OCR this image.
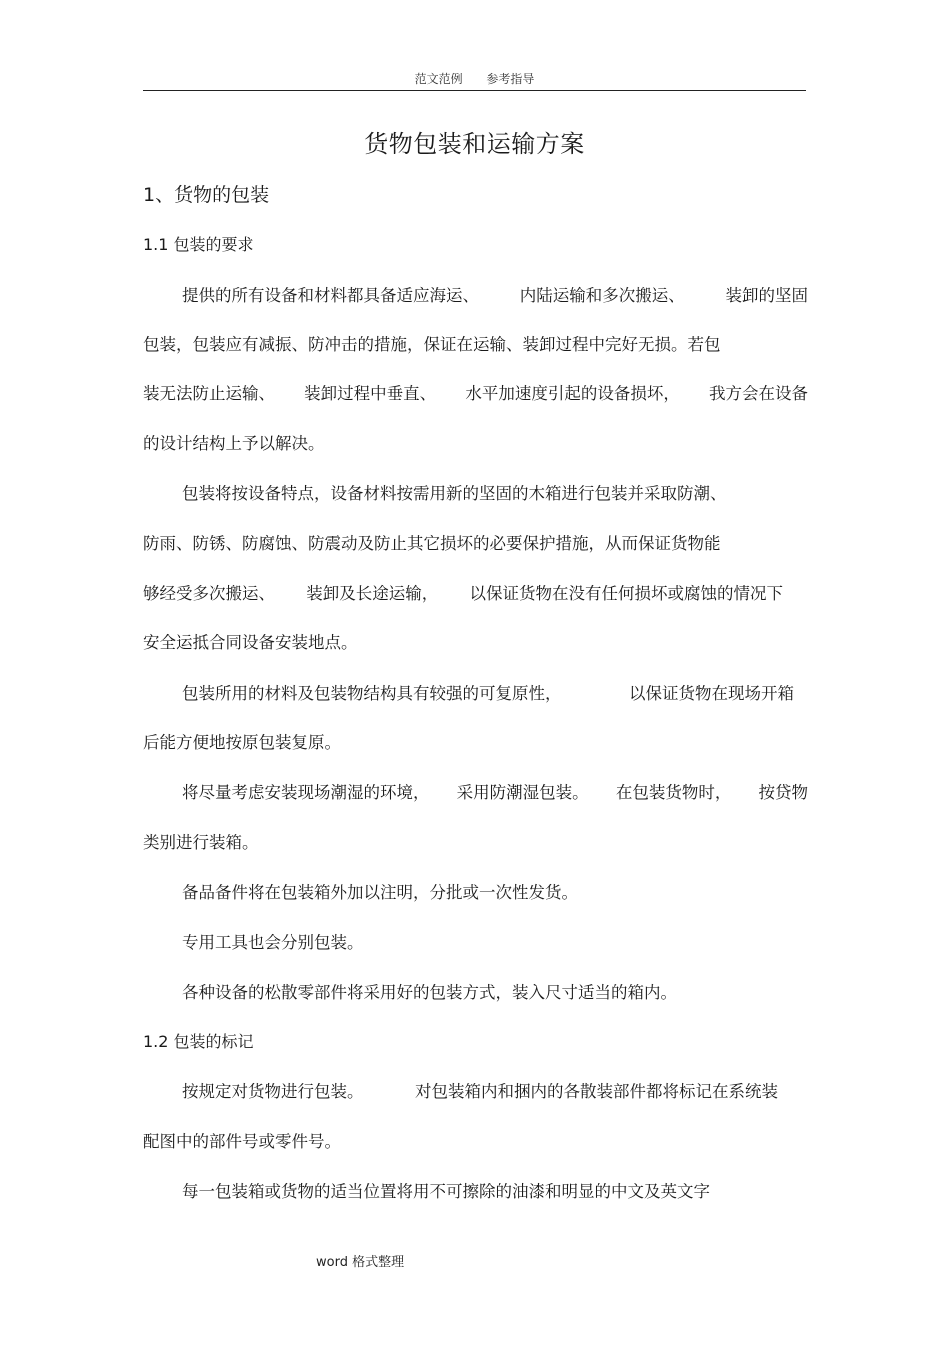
范文范例 参考指导
货物包装和运输方案
1、货物的包装
1.1 包装的要求
提供的所有设备和材料都具备适应海运、 内陆运输和多次搬运、 装卸的坚固
包装，包装应有减振、防冲击的措施，保证在运输、装卸过程中完好无损。若包
装无法防止运输、 装卸过程中垂直、 水平加速度引起的设备损坏， 我方会在设备
的设计结构上予以解决。
包装将按设备特点，设备材料按需用新的坚固的木箱进行包装并采取防潮、
防雨、防锈、防腐蚀、防震动及防止其它损坏的必要保护措施，从而保证货物能
够经受多次搬运、 装卸及长途运输， 以保证货物在没有任何损坏或腐蚀的情况下
安全运抵合同设备安装地点。
包装所用的材料及包装物结构具有较强的可复原性，	以保证货物在现场开箱
后能方便地按原包装复原。
将尽量考虑安装现场潮湿的环境， 采用防潮湿包装。 在包装货物时， 按贷物
类别进行装箱。
备品备件将在包装箱外加以注明，分批或一次性发货。
专用工具也会分别包装。
各种设备的松散零部件将采用好的包装方式，装入尺寸适当的箱内。
1.2 包装的标记
按规定对货物进行包装。	对包装箱内和捆内的各散装部件都将标记在系统装
配图中的部件号或零件号。
每一包装箱或货物的适当位置将用不可擦除的油漆和明显的中文及英文字
word 格式整理
